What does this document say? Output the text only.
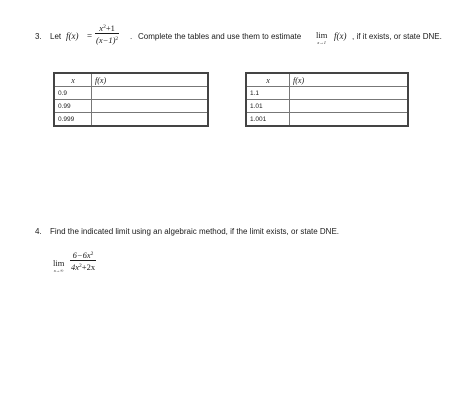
3. Let $f(x) = \frac{x^2+1}{(x-1)^2}$ . Complete the tables and use them to estimate lim
x→1
f(x) , if it exists, or state DNE.
x	f(x)
0.9	
0.99	
0.999	
x	f(x)
1.1	
1.01	
1.001	
4. Find the indicated limit using an algebraic method, if the limit exists, or state DNE.
lim
$x\to\infty \frac{6-6x^2}{4x^2+2x}$
